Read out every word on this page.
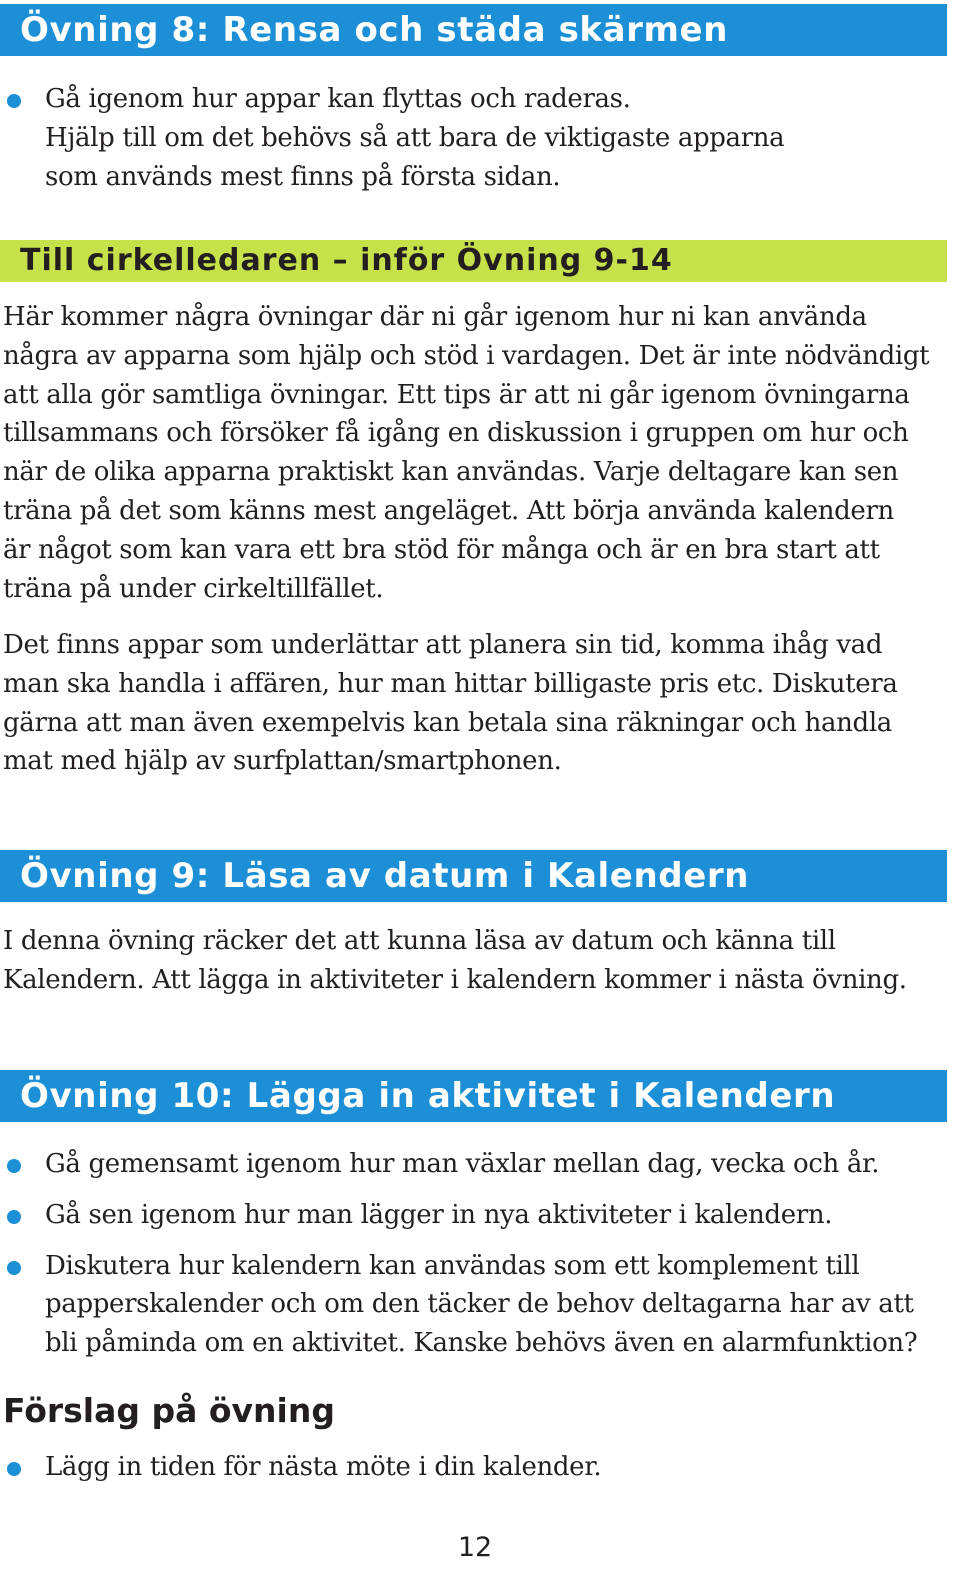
Övning 8: Rensa och städa skärmen
Gå igenom hur appar kan flyttas och raderas.
Hjälp till om det behövs så att bara de viktigaste apparna
som används mest finns på första sidan.
Till cirkelledaren – inför Övning 9-14

Här kommer några övningar där ni går igenom hur ni kan använda
några av apparna som hjälp och stöd i vardagen. Det är inte nödvändigt
att alla gör samtliga övningar. Ett tips är att ni går igenom övningarna
tillsammans och försöker få igång en diskussion i gruppen om hur och
när de olika apparna praktiskt kan användas. Varje deltagare kan sen
träna på det som känns mest angeläget. Att börja använda kalendern
är något som kan vara ett bra stöd för många och är en bra start att
träna på under cirkeltillfället.

Det finns appar som underlättar att planera sin tid, komma ihåg vad
man ska handla i affären, hur man hittar billigaste pris etc. Diskutera
gärna att man även exempelvis kan betala sina räkningar och handla
mat med hjälp av surfplattan/smartphonen.

Övning 9: Läsa av datum i Kalendern

I denna övning räcker det att kunna läsa av datum och känna till
Kalendern. Att lägga in aktiviteter i kalendern kommer i nästa övning.

Övning 10: Lägga in aktivitet i Kalendern
Gå gemensamt igenom hur man växlar mellan dag, vecka och år.
Gå sen igenom hur man lägger in nya aktiviteter i kalendern.
Diskutera hur kalendern kan användas som ett komplement till
papperskalender och om den täcker de behov deltagarna har av att
bli påminda om en aktivitet. Kanske behövs även en alarmfunktion?
Förslag på övning
Lägg in tiden för nästa möte i din kalender.
12
